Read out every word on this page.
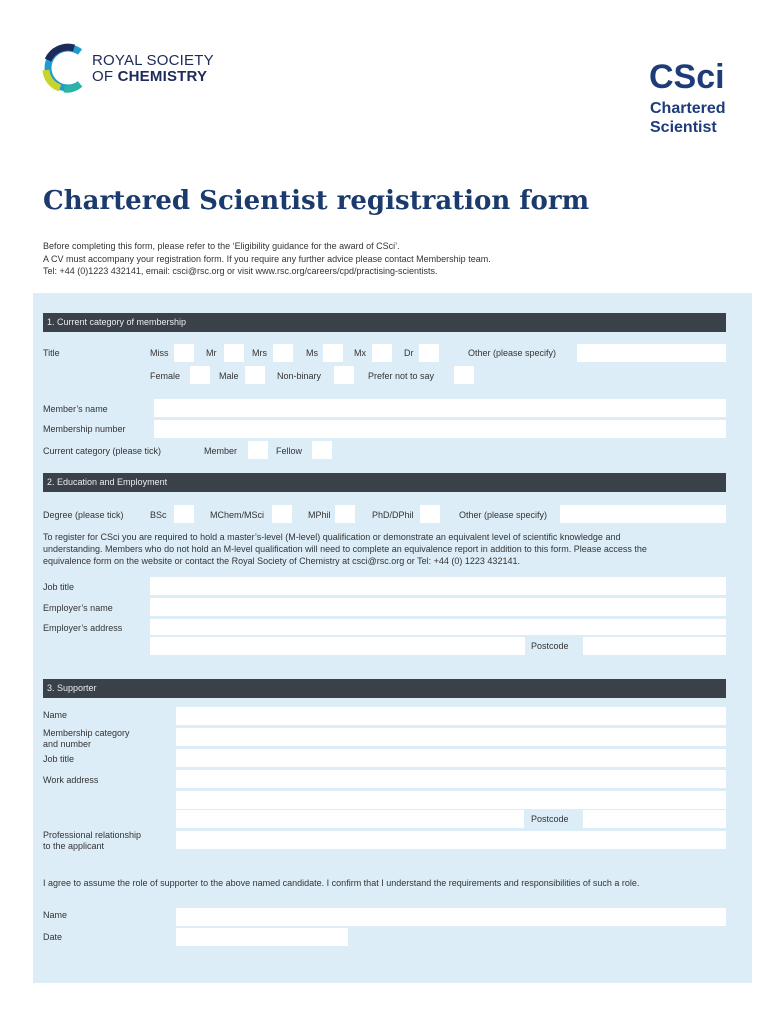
ROYAL SOCIETY
OF CHEMISTRY	CSci
Chartered
Scientist
Chartered Scientist registration form
Before completing this form, please refer to the ‘Eligibility guidance for the award of CSci’.
A CV must accompany your registration form. If you require any further advice please contact Membership team.
Tel: +44 (0)1223 432141, email: csci@rsc.org or visit www.rsc.org/careers/cpd/practising-scientists.
1. Current category of membership
Title	Miss	Mr	Mrs	Ms	Mx	Dr	Other (please specify)
Female	Male	Non-binary	Prefer not to say
Member’s name
Membership number
Current category (please tick)	Member	Fellow
2. Education and Employment
Degree (please tick)	BSc	MChem/MSci	MPhil	PhD/DPhil	Other (please specify)
To register for CSci you are required to hold a master’s-level (M-level) qualification or demonstrate an equivalent level of scientific knowledge and
understanding. Members who do not hold an M-level qualification will need to complete an equivalence report in addition to this form. Please access the
equivalence form on the website or contact the Royal Society of Chemistry at csci@rsc.org or Tel: +44 (0) 1223 432141.
Job title
Employer’s name
Employer’s address
Postcode
3. Supporter
Name
Membership category
and number
Job title
Work address
Postcode
Professional relationship
to the applicant
I agree to assume the role of supporter to the above named candidate. I confirm that I understand the requirements and responsibilities of such a role.
Name
Date
